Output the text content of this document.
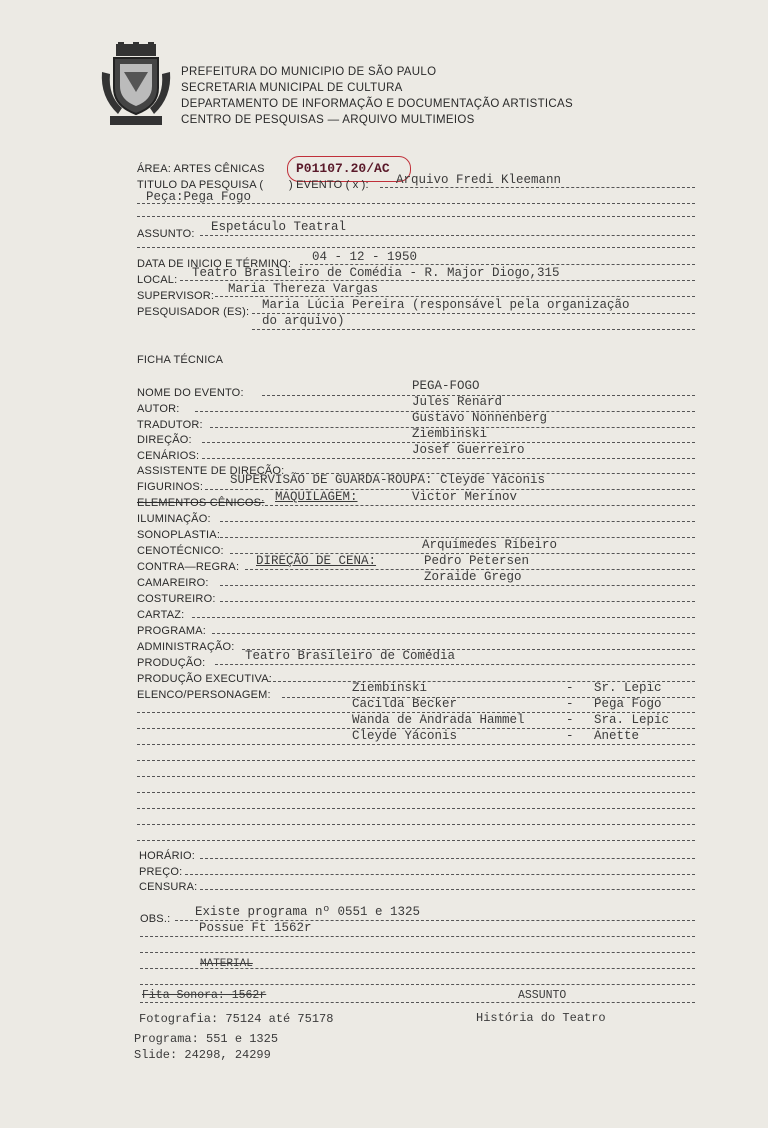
PREFEITURA DO MUNICIPIO DE SÃO PAULO
SECRETARIA MUNICIPAL DE CULTURA
DEPARTAMENTO DE INFORMAÇÃO E DOCUMENTAÇÃO ARTISTICAS
CENTRO DE PESQUISAS — ARQUIVO MULTIMEIOS
ÁREA: ARTES CÊNICAS P01107.20/AC
TITULO DA PESQUISA ( ) EVENTO ( x ): Arquivo Fredi Kleemann
Peça:Pega Fogo
ASSUNTO: Espetáculo Teatral
DATA DE INICIO E TÉRMINO: 04 - 12 - 1950
LOCAL: Teatro Brasileiro de Comédia - R. Major Diogo,315
SUPERVISOR: Maria Thereza Vargas
PESQUISADOR (ES): Maria Lúcia Pereira (responsável pela organização
do arquivo)
FICHA TÉCNICA
NOME DO EVENTO:	PEGA-FOGO
AUTOR:	Jules Renard
TRADUTOR:	Gustavo Nonnenberg
DIREÇÃO:	Ziembinski
CENÁRIOS:	Josef Guerreiro
ASSISTENTE DE DIREÇÃO:
FIGURINOS: SUPERVISÃO DE GUARDA-ROUPA: Cleyde Yáconis
ELEMENTOS CÊNICOS: MAQUILAGEM:	Victor Merinov
ILUMINAÇÃO:
SONOPLASTIA:
CENOTÉCNICO:	Arquimedes Ribeiro
CONTRA—REGRA: DIREÇÃO DE CENA:	Pedro Petersen
CAMAREIRO:	Zoraide Grego
COSTUREIRO:
CARTAZ:
PROGRAMA:
ADMINISTRAÇÃO:
PRODUÇÃO:	Teatro Brasileiro de Comédia
PRODUÇÃO EXECUTIVA:
ELENCO/PERSONAGEM:	Ziembinski	- Sr. Lepic
Cacilda Becker	- Pega Fogo
Wanda de Andrada Hammel	- Sra. Lepic
Cleyde Yáconis	- Anette
HORÁRIO:
PREÇO:
CENSURA:
OBS.: Existe programa nº 0551 e 1325
Possue Ft 1562r
MATERIAL
Fita Sonora: 1562r	ASSUNTO
Fotografia: 75124 até 75178	História do Teatro
Programa: 551 e 1325
Slide: 24298, 24299
